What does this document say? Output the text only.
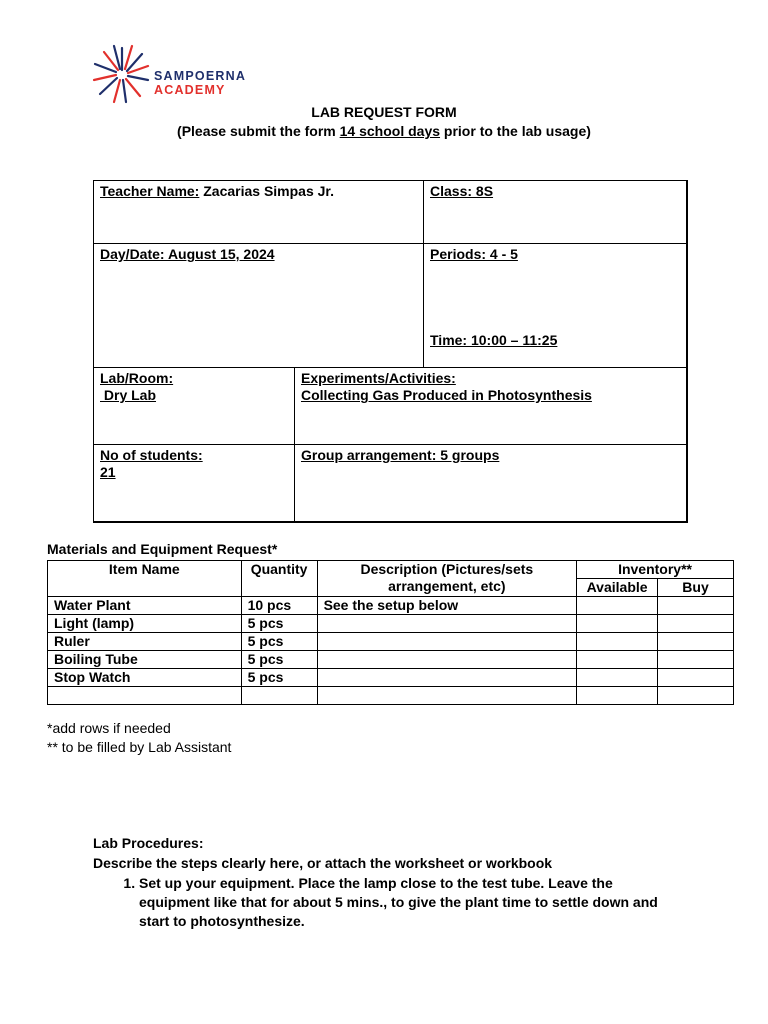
SAMPOERNA
ACADEMY
LAB REQUEST FORM
(Please submit the form 14 school days prior to the lab usage)
Teacher Name: Zacarias Simpas Jr.	Class: 8S
Day/Date: August 15, 2024	Periods: 4 - 5
Time: 10:00 – 11:25
Lab/Room:
Dry Lab
Experiments/Activities:
Collecting Gas Produced in Photosynthesis
No of students:
21
Group arrangement: 5 groups
Materials and Equipment Request*
Item Name	Quantity	Description (Pictures/sets arrangement, etc)	Inventory**	
			Available	Buy
Water Plant	10 pcs	See the setup below		
Light (lamp)	5 pcs			
Ruler	5 pcs			
Boiling Tube	5 pcs			
Stop Watch	5 pcs			

*add rows if needed
** to be filled by Lab Assistant
Lab Procedures:
Describe the steps clearly here, or attach the worksheet or workbook
1. Set up your equipment. Place the lamp close to the test tube. Leave the equipment like that for about 5 mins., to give the plant time to settle down and start to photosynthesize.
